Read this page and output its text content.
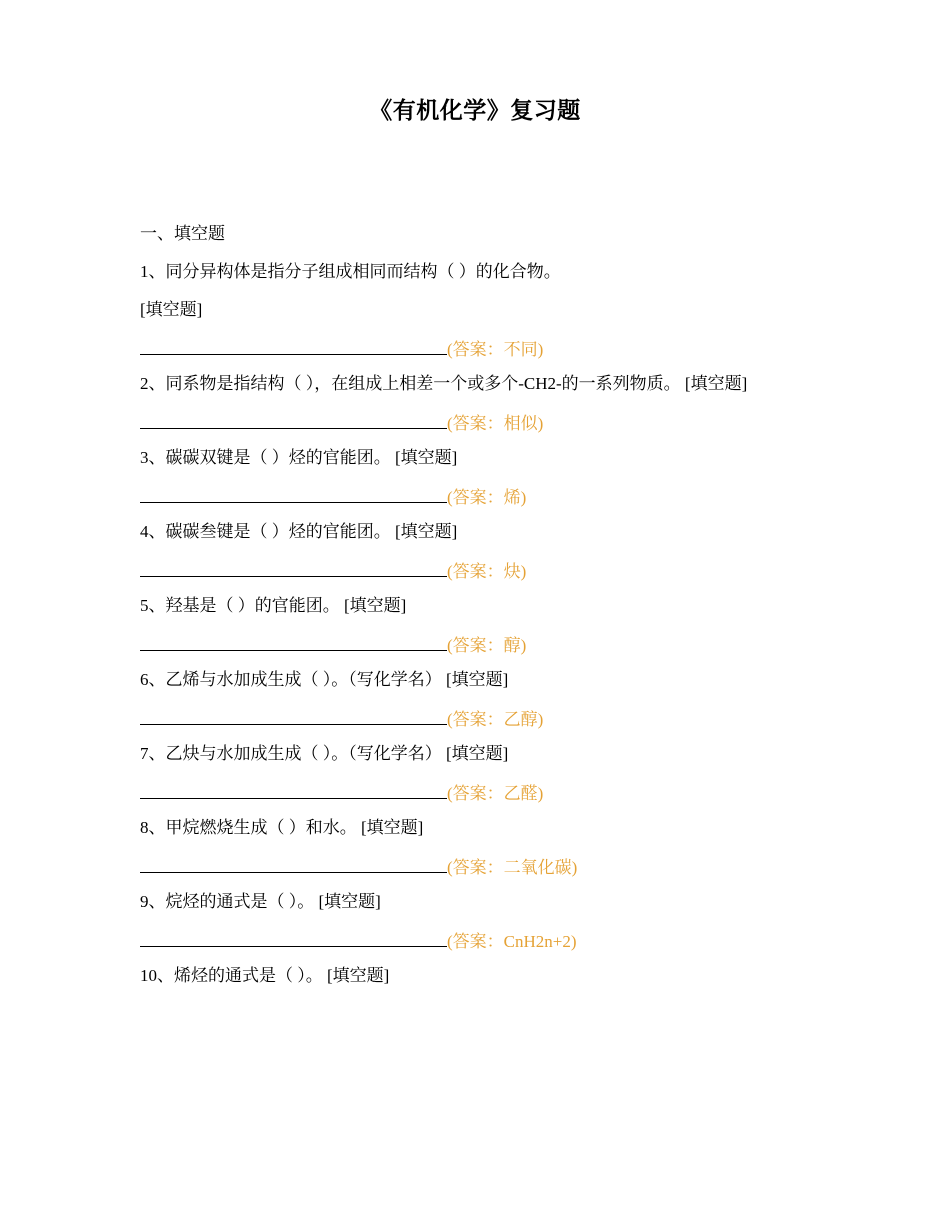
《有机化学》复习题
一、填空题
1、同分异构体是指分子组成相同而结构（ ）的化合物。
[填空题]
(答案：不同)
2、同系物是指结构（ ），在组成上相差一个或多个-CH2-的一系列物质。 [填空题]
(答案：相似)
3、碳碳双键是（ ）烃的官能团。 [填空题]
(答案：烯)
4、碳碳叁键是（ ）烃的官能团。 [填空题]
(答案：炔)
5、羟基是（ ）的官能团。 [填空题]
(答案：醇)
6、乙烯与水加成生成（ ）。（写化学名） [填空题]
(答案：乙醇)
7、乙炔与水加成生成（ ）。（写化学名） [填空题]
(答案：乙醛)
8、甲烷燃烧生成（ ）和水。 [填空题]
(答案：二氧化碳)
9、烷烃的通式是（ ）。 [填空题]
(答案：CnH2n+2)
10、烯烃的通式是（ ）。 [填空题]
